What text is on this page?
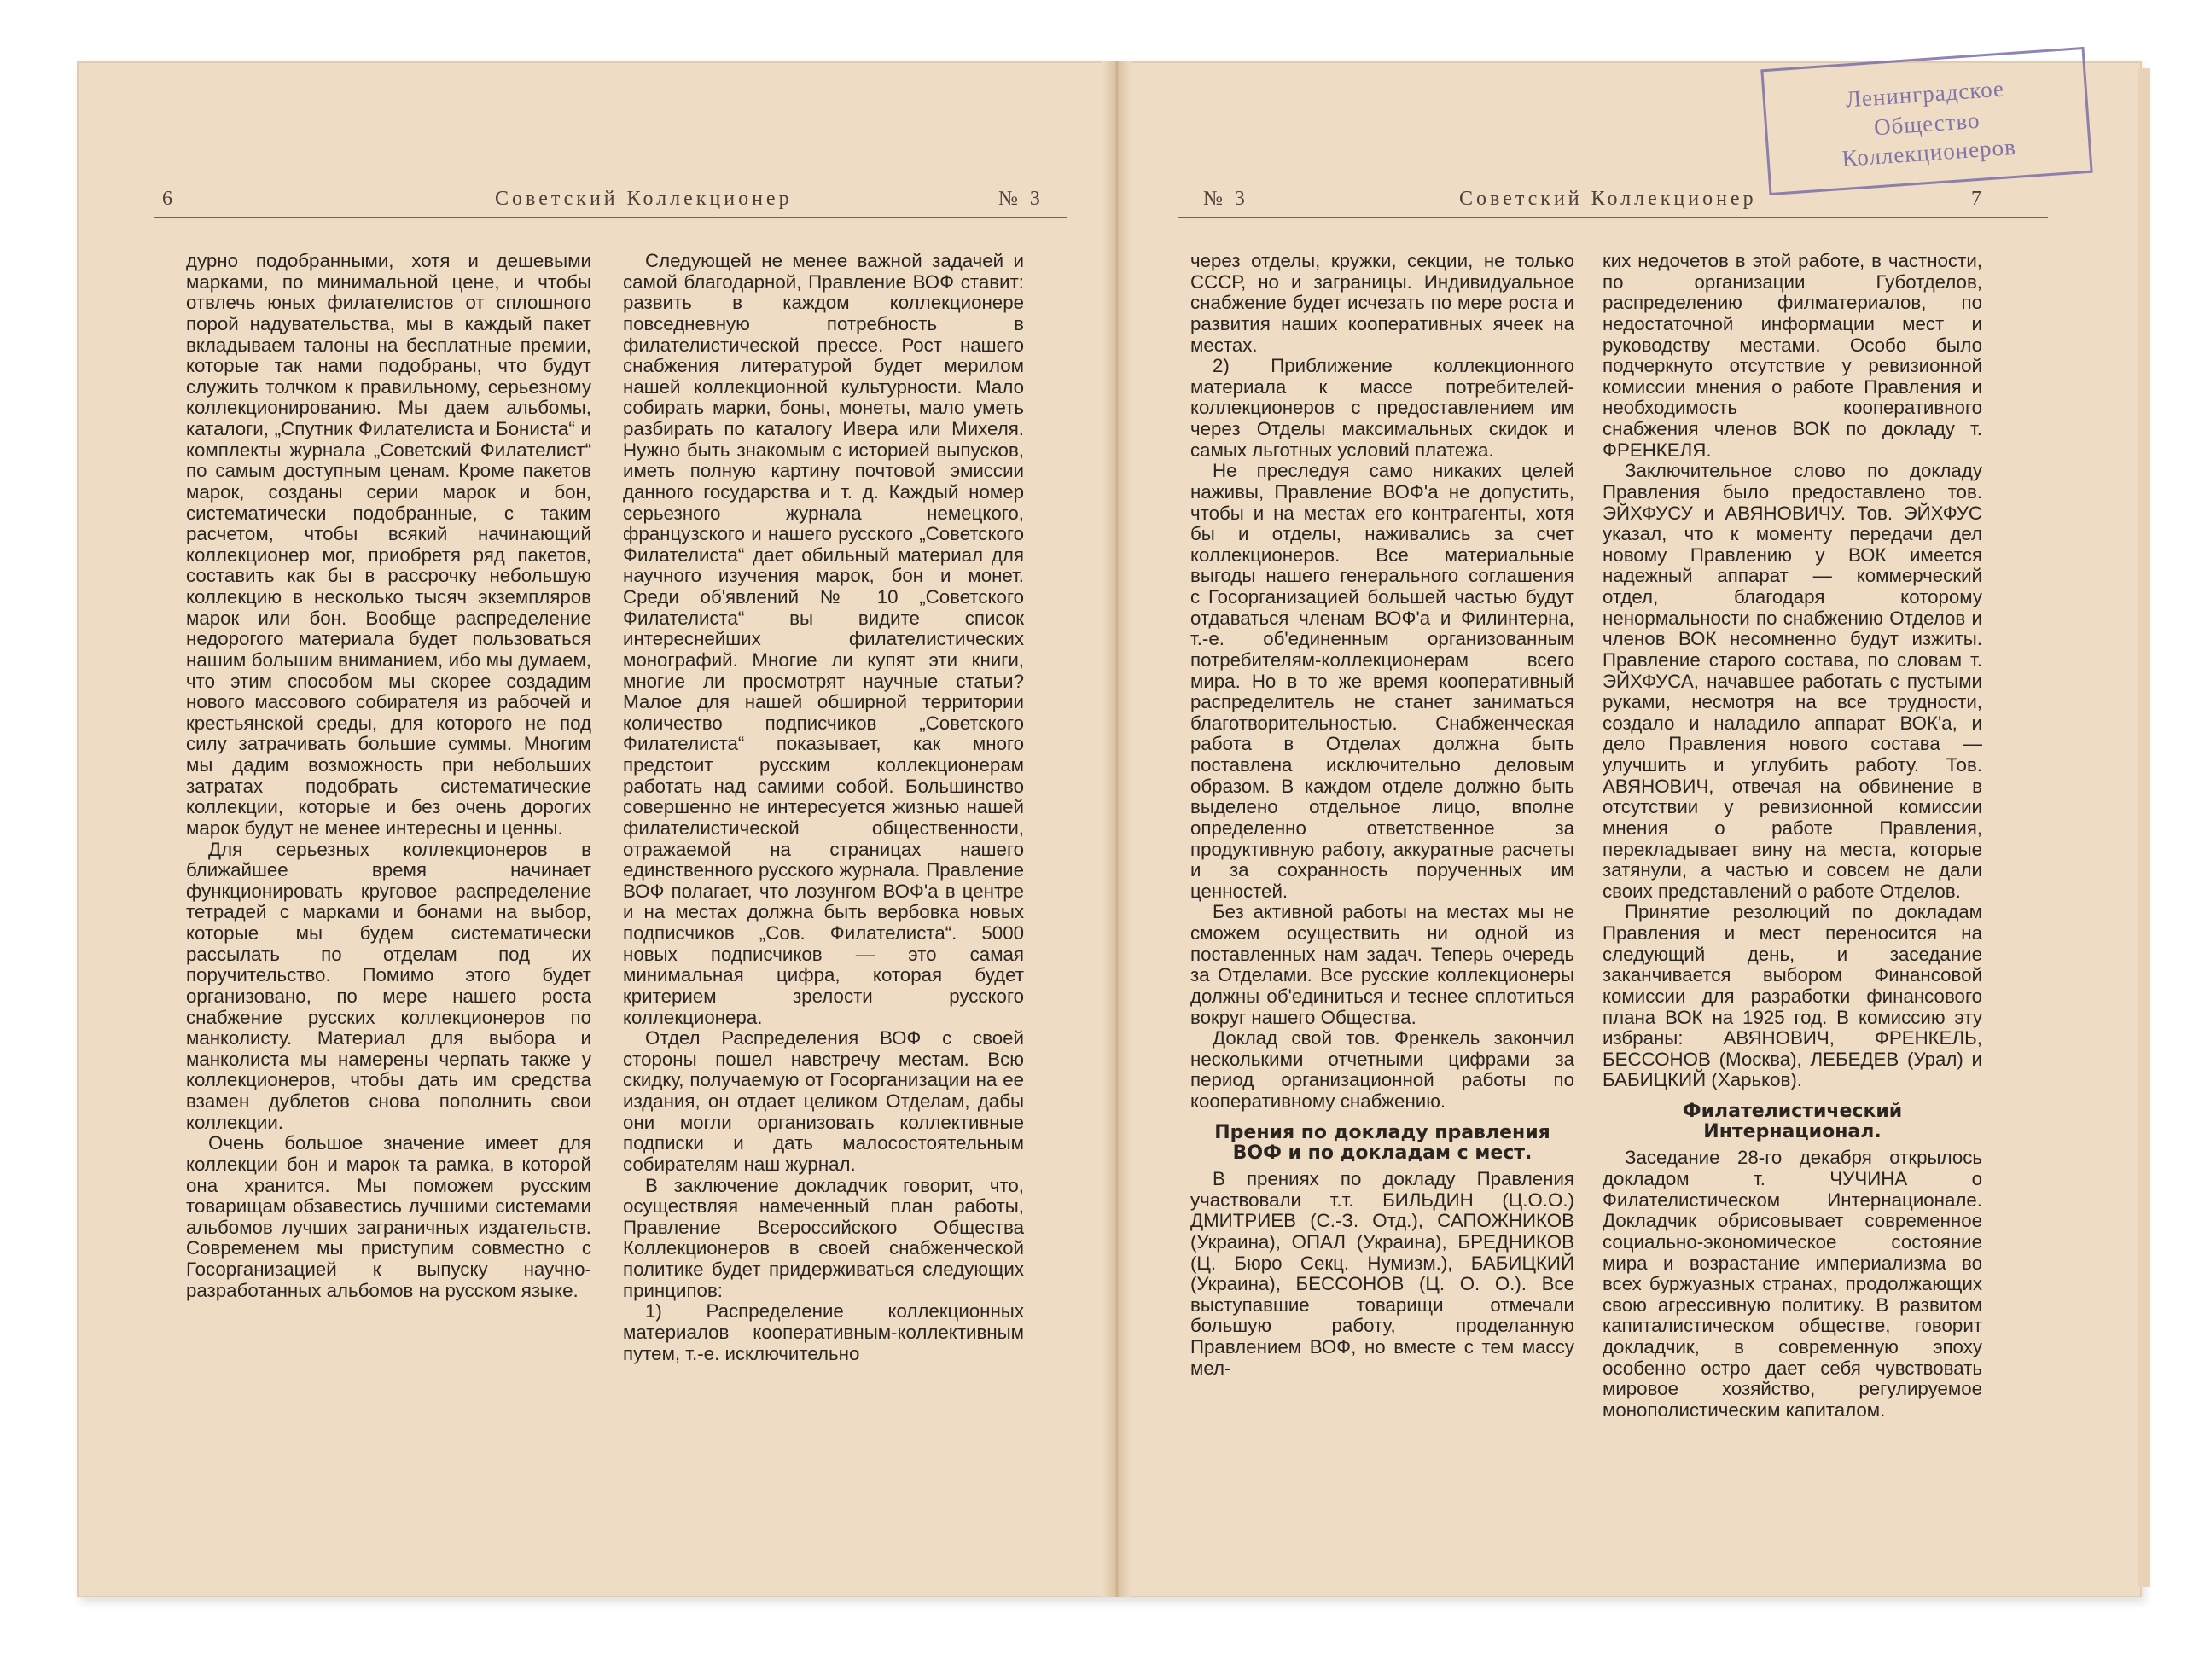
6	Советский Коллекционер	№ 3	№ 3	Советский Коллекционер	7
Ленинградское
Общество
Коллекционеров

дурно подобранными, хотя и дешевыми марками, по минимальной цене, и чтобы отвлечь юных филателистов от сплошного порой надувательства, мы в каждый пакет вкладываем талоны на бесплатные премии, которые так нами подобраны, что будут служить толчком к правильному, серьезному коллекционированию. Мы даем альбомы, каталоги, „Спутник Филателиста и Бониста“ и комплекты журнала „Советский Филателист“ по самым доступным ценам. Кроме пакетов марок, созданы серии марок и бон, систематически подобранные, с таким расчетом, чтобы всякий начинающий коллекционер мог, приобретя ряд пакетов, составить как бы в рассрочку небольшую коллекцию в несколько тысяч экземпляров марок или бон. Вообще распределение недорогого материала будет пользоваться нашим большим вниманием, ибо мы думаем, что этим способом мы скорее создадим нового массового собирателя из рабочей и крестьянской среды, для которого не под силу затрачивать большие суммы. Многим мы дадим возможность при небольших затратах подобрать систематические коллекции, которые и без очень дорогих марок будут не менее интересны и ценны.

Для серьезных коллекционеров в ближайшее время начинает функционировать круговое распределение тетрадей с марками и бонами на выбор, которые мы будем систематически рассылать по отделам под их поручительство. Помимо этого будет организовано, по мере нашего роста снабжение русских коллекционеров по манколисту. Материал для выбора и манколиста мы намерены черпать также у коллекционеров, чтобы дать им средства взамен дублетов снова пополнить свои коллекции.

Очень большое значение имеет для коллекции бон и марок та рамка, в которой она хранится. Мы поможем русским товарищам обзавестись лучшими системами альбомов лучших заграничных издательств. Современем мы приступим совместно с Госорганизацией к выпуску научно-разработанных альбомов на русском языке.

Следующей не менее важной задачей и самой благодарной, Правление ВОФ ставит: развить в каждом коллекционере повседневную потребность в филателистической прессе. Рост нашего снабжения литературой будет мерилом нашей коллекционной культурности. Мало собирать марки, боны, монеты, мало уметь разбирать по каталогу Ивера или Михеля. Нужно быть знакомым с историей выпусков, иметь полную картину почтовой эмиссии данного государства и т. д. Каждый номер серьезного журнала немецкого, французского и нашего русского „Советского Филателиста“ дает обильный материал для научного изучения марок, бон и монет. Среди об'явлений № 10 „Советского Филателиста“ вы видите список интереснейших филателистических монографий. Многие ли купят эти книги, многие ли просмотрят научные статьи? Малое для нашей обширной территории количество подписчиков „Советского Филателиста“ показывает, как много предстоит русским коллекционерам работать над самими собой. Большинство совершенно не интересуется жизнью нашей филателистической общественности, отражаемой на страницах нашего единственного русского журнала. Правление ВОФ полагает, что лозунгом ВОФ'а в центре и на местах должна быть вербовка новых подписчиков „Сов. Филателиста“. 5000 новых подписчиков — это самая минимальная цифра, которая будет критерием зрелости русского коллекционера.

Отдел Распределения ВОФ с своей стороны пошел навстречу местам. Всю скидку, получаемую от Госорганизации на ее издания, он отдает целиком Отделам, дабы они могли организовать коллективные подписки и дать малосостоятельным собирателям наш журнал.

В заключение докладчик говорит, что, осуществляя намеченный план работы, Правление Всероссийского Общества Коллекционеров в своей снабженческой политике будет придерживаться следующих принципов:

1) Распределение коллекционных материалов кооперативным-коллективным путем, т.-е. исключительно

через отделы, кружки, секции, не только СССР, но и заграницы. Индивидуальное снабжение будет исчезать по мере роста и развития наших кооперативных ячеек на местах.

2) Приближение коллекционного материала к массе потребителей-коллекционеров с предоставлением им через Отделы максимальных скидок и самых льготных условий платежа.

Не преследуя само никаких целей наживы, Правление ВОФ'а не допустить, чтобы и на местах его контрагенты, хотя бы и отделы, наживались за счет коллекционеров. Все материальные выгоды нашего генерального соглашения с Госорганизацией большей частью будут отдаваться членам ВОФ'а и Филинтерна, т.-е. об'единенным организованным потребителям-коллекционерам всего мира. Но в то же время кооперативный распределитель не станет заниматься благотворительностью. Снабженческая работа в Отделах должна быть поставлена исключительно деловым образом. В каждом отделе должно быть выделено отдельное лицо, вполне определенно ответственное за продуктивную работу, аккуратные расчеты и за сохранность порученных им ценностей.

Без активной работы на местах мы не сможем осуществить ни одной из поставленных нам задач. Теперь очередь за Отделами. Все русские коллекционеры должны об'единиться и теснее сплотиться вокруг нашего Общества.

Доклад свой тов. Френкель закончил несколькими отчетными цифрами за период организационной работы по кооперативному снабжению.

Прения по докладу правления ВОФ и по докладам с мест.

В прениях по докладу Правления участвовали т.т. БИЛЬДИН (Ц.О.О.) ДМИТРИЕВ (С.-З. Отд.), САПОЖНИКОВ (Украина), ОПАЛ (Украина), БРЕДНИКОВ (Ц. Бюро Секц. Нумизм.), БАБИЦКИЙ (Украина), БЕССОНОВ (Ц. О. О.). Все выступавшие товарищи отмечали большую работу, проделанную Правлением ВОФ, но вместе с тем массу мел-

ких недочетов в этой работе, в частности, по организации Губотделов, распределению филматериалов, по недостаточной информации мест и руководству местами. Особо было подчеркнуто отсутствие у ревизионной комиссии мнения о работе Правления и необходимость кооперативного снабжения членов ВОК по докладу т. ФРЕНКЕЛЯ.

Заключительное слово по докладу Правления было предоставлено тов. ЭЙХФУСУ и АВЯНОВИЧУ. Тов. ЭЙХФУС указал, что к моменту передачи дел новому Правлению у ВОК имеется надежный аппарат — коммерческий отдел, благодаря которому ненормальности по снабжению Отделов и членов ВОК несомненно будут изжиты. Правление старого состава, по словам т. ЭЙХФУСА, начавшее работать с пустыми руками, несмотря на все трудности, создало и наладило аппарат ВОК'а, и дело Правления нового состава — улучшить и углубить работу. Тов. АВЯНОВИЧ, отвечая на обвинение в отсутствии у ревизионной комиссии мнения о работе Правления, перекладывает вину на места, которые затянули, а частью и совсем не дали своих представлений о работе Отделов.

Принятие резолюций по докладам Правления и мест переносится на следующий день, и заседание заканчивается выбором Финансовой комиссии для разработки финансового плана ВОК на 1925 год. В комиссию эту избраны: АВЯНОВИЧ, ФРЕНКЕЛЬ, БЕССОНОВ (Москва), ЛЕБЕДЕВ (Урал) и БАБИЦКИЙ (Харьков).

Филателистический Интернационал.

Заседание 28-го декабря открылось докладом т. ЧУЧИНА о Филателистическом Интернационале. Докладчик обрисовывает современное социально-экономическое состояние мира и возрастание империализма во всех буржуазных странах, продолжающих свою агрессивную политику. В развитом капиталистическом обществе, говорит докладчик, в современную эпоху особенно остро дает себя чувствовать мировое хозяйство, регулируемое монополистическим капиталом.
